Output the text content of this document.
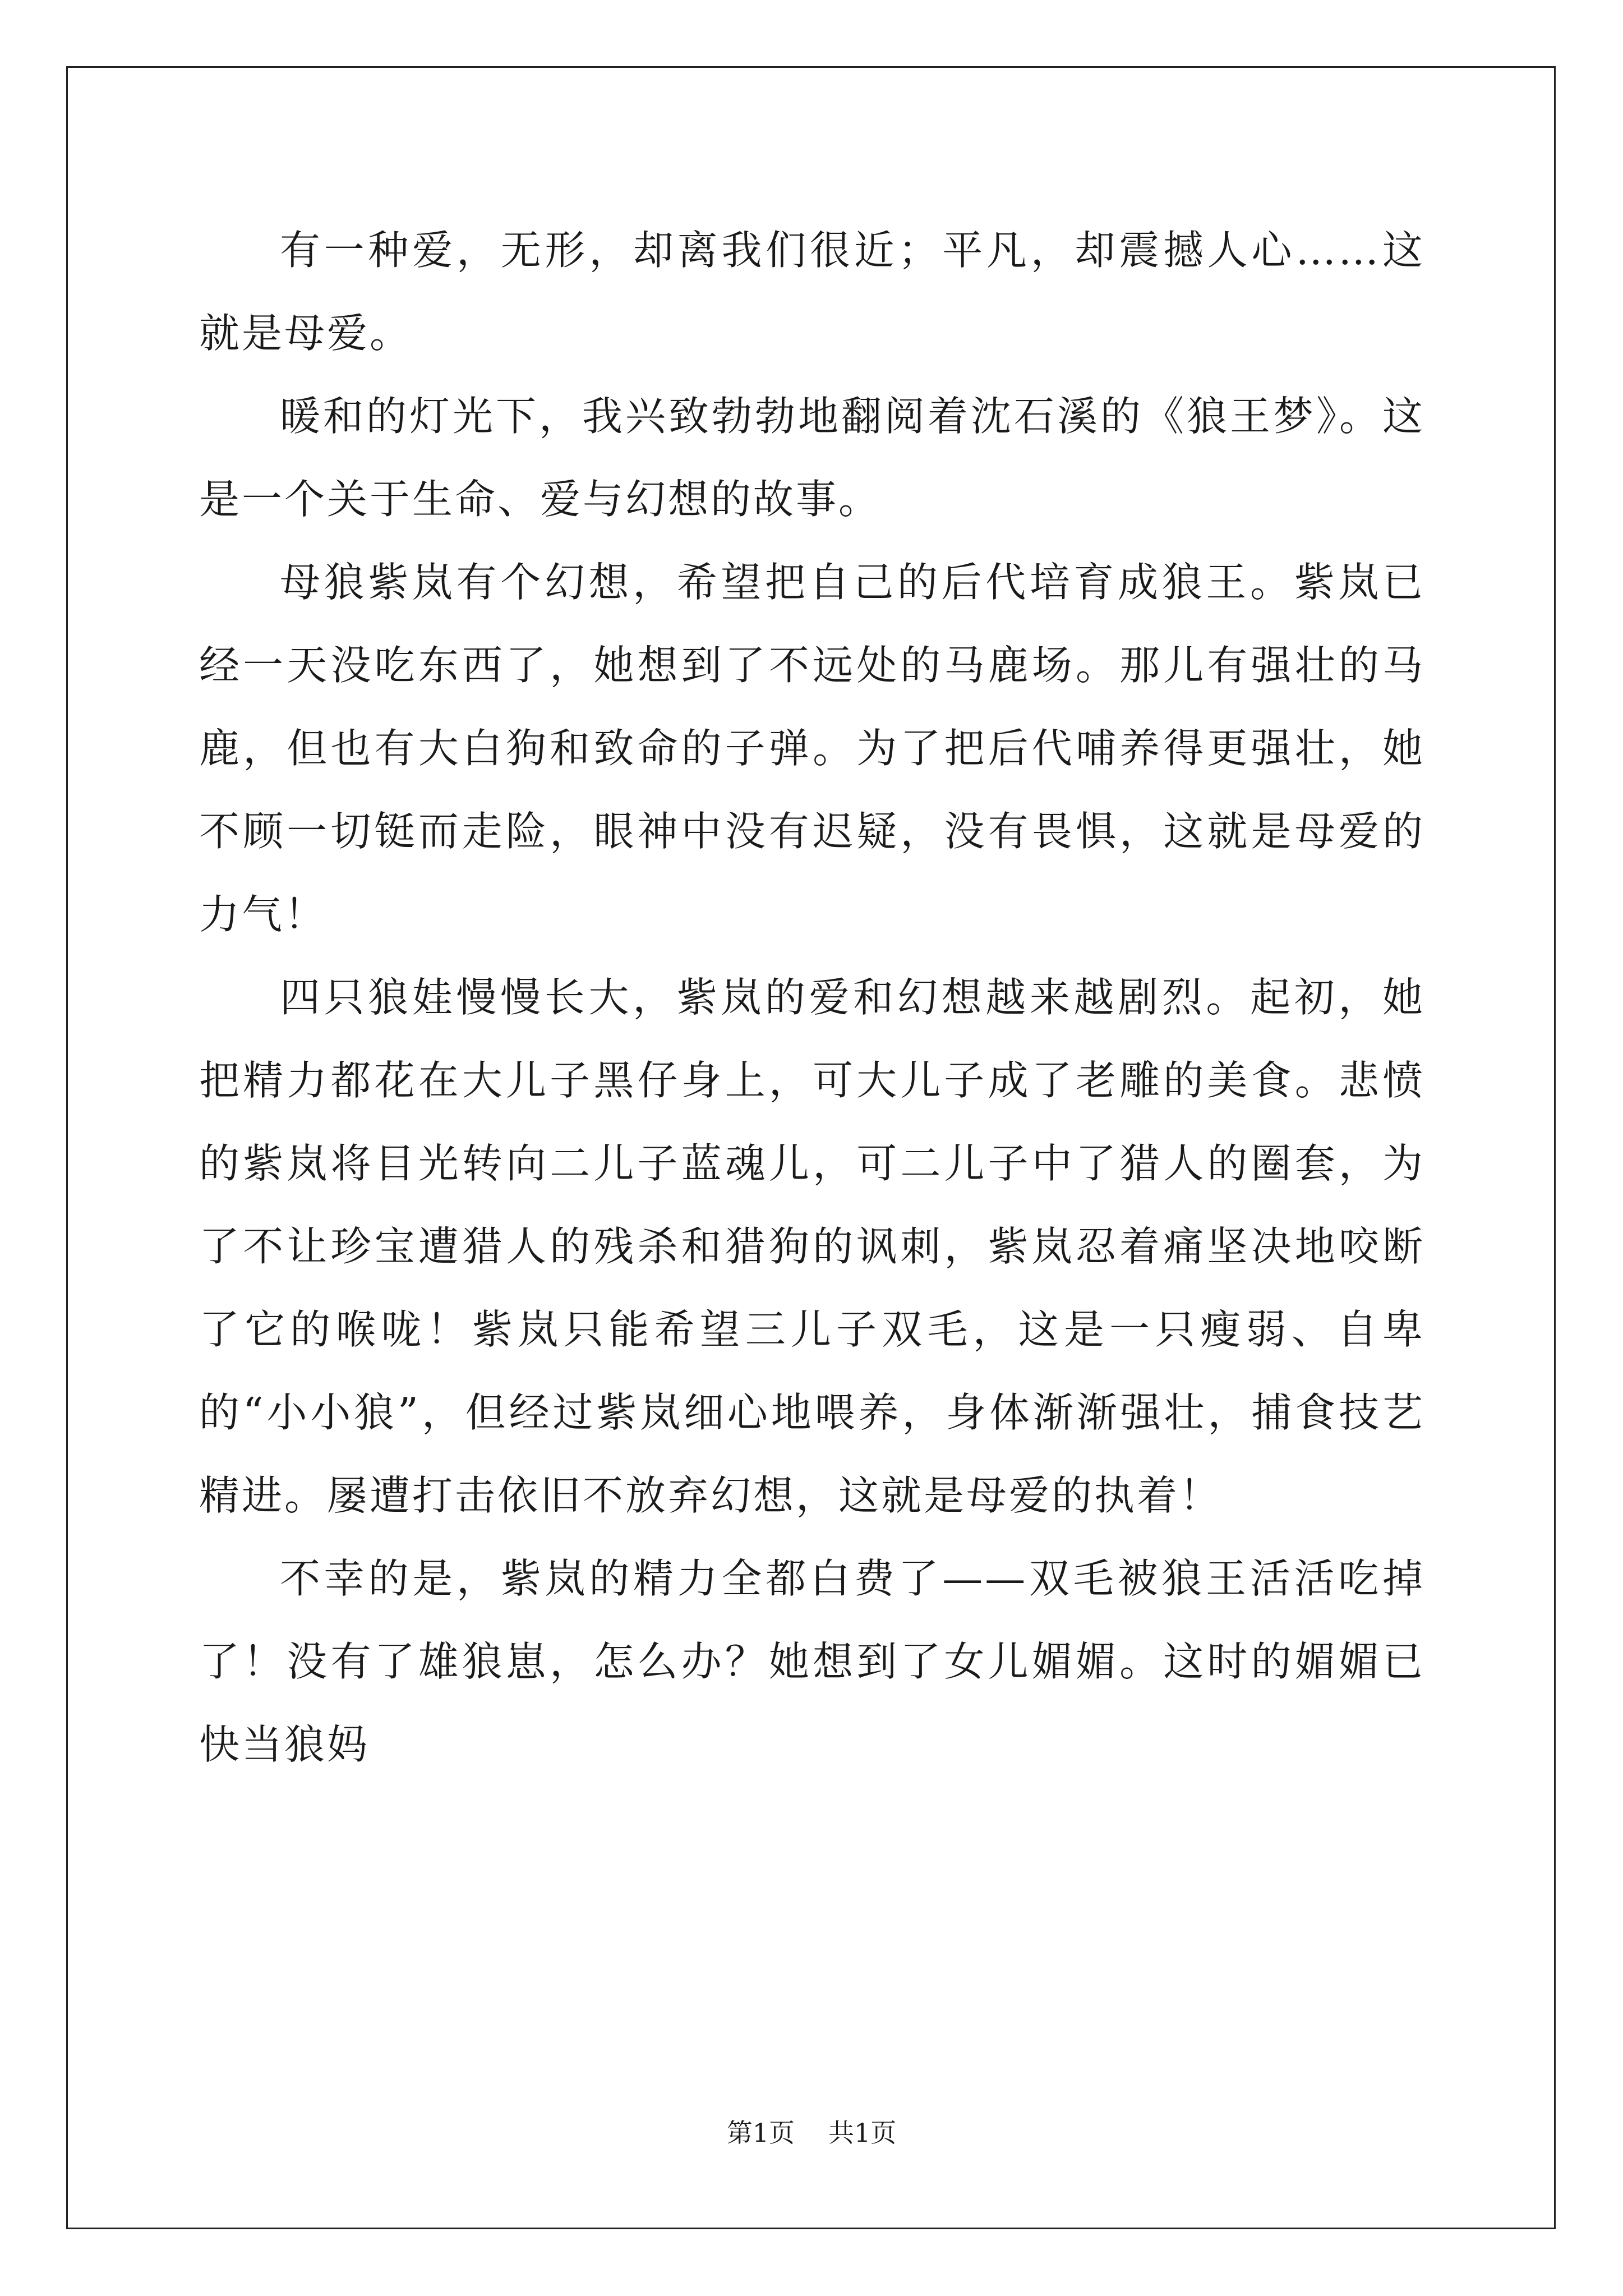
有一种爱，无形，却离我们很近；平凡，却震撼人心……这就是母爱。

暖和的灯光下，我兴致勃勃地翻阅着沈石溪的《狼王梦》。这是一个关于生命、爱与幻想的故事。

母狼紫岚有个幻想，希望把自己的后代培育成狼王。紫岚已经一天没吃东西了，她想到了不远处的马鹿场。那儿有强壮的马鹿，但也有大白狗和致命的子弹。为了把后代哺养得更强壮，她不顾一切铤而走险，眼神中没有迟疑，没有畏惧，这就是母爱的力气！

四只狼娃慢慢长大，紫岚的爱和幻想越来越剧烈。起初，她把精力都花在大儿子黑仔身上，可大儿子成了老雕的美食。悲愤的紫岚将目光转向二儿子蓝魂儿，可二儿子中了猎人的圈套，为了不让珍宝遭猎人的残杀和猎狗的讽刺，紫岚忍着痛坚决地咬断了它的喉咙！紫岚只能希望三儿子双毛，这是一只瘦弱、自卑的“小小狼”，但经过紫岚细心地喂养，身体渐渐强壮，捕食技艺精进。屡遭打击依旧不放弃幻想，这就是母爱的执着！

不幸的是，紫岚的精力全都白费了——双毛被狼王活活吃掉了！没有了雄狼崽，怎么办？她想到了女儿媚媚。这时的媚媚已快当狼妈

第1页 共1页
